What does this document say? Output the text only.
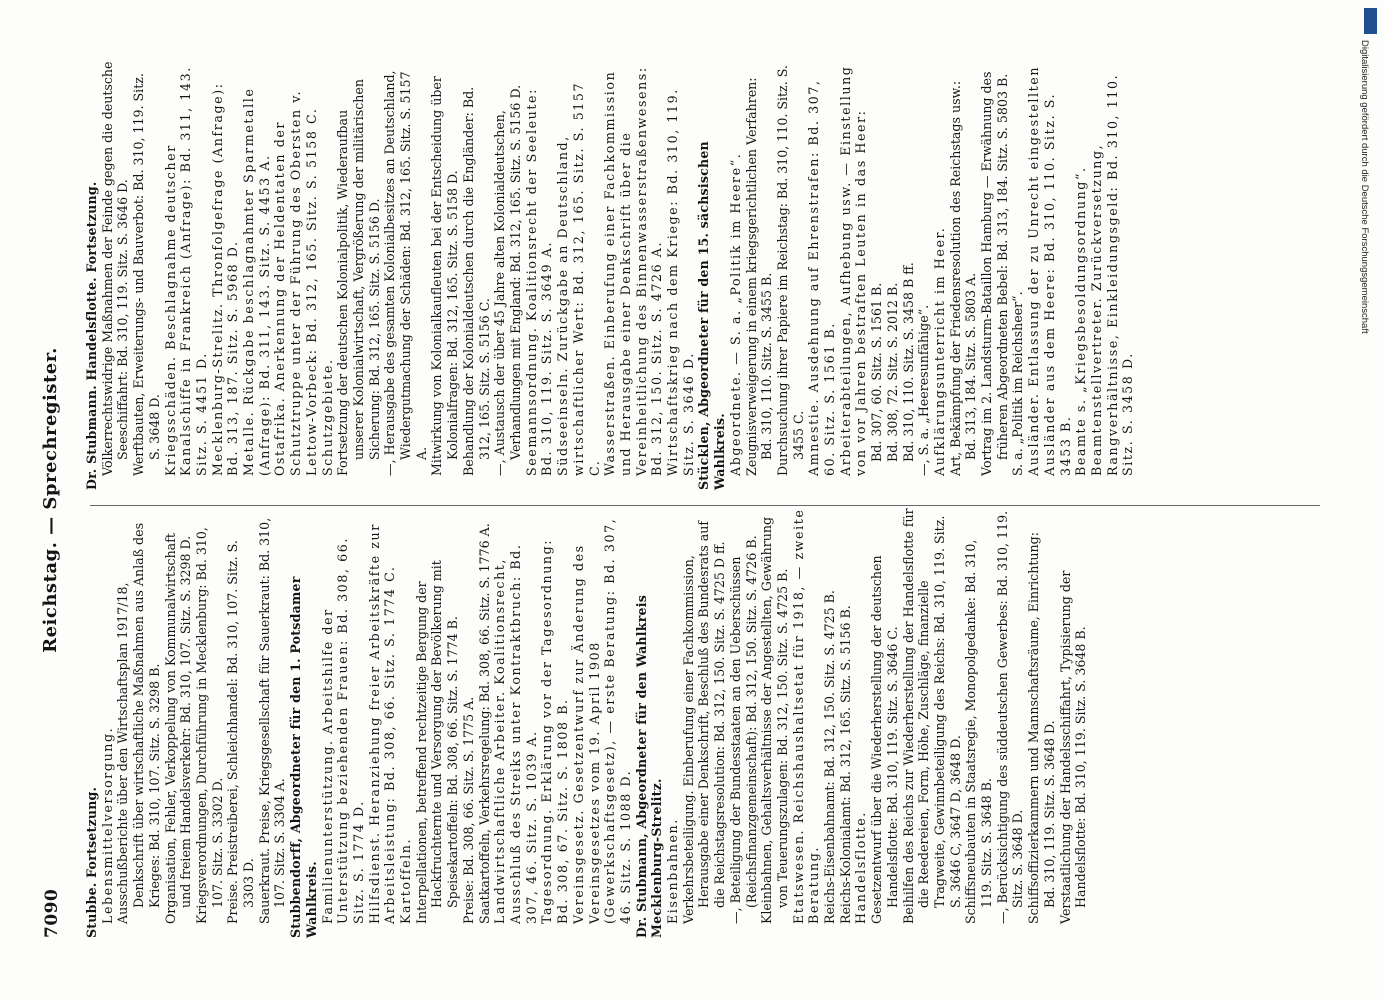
7090
Reichstag. — Sprechregister.
Stubbe. Fortsetzung. Lebensmittelversorgung. Ausschußberichte über den Wirtschaftsplan 1917/18, Denkschrift über wirtschaftliche Maßnahmen aus Anlaß des Krieges: Bd. 310, 107. Sitz. S. 3298 B. Organisation, Fehler, Verkoppelung von Kommunalwirtschaft und freiem Handelsverkehr: Bd. 310, 107. Sitz. S. 3298 D. Kriegsverordnungen, Durchführung in Mecklenburg: Bd. 310, 107. Sitz. S. 3302 D. Preise. Preistreiberei, Schleichhandel: Bd. 310, 107. Sitz. S. 3303 D. Sauerkraut. Preise, Kriegsgesellschaft für Sauerkraut: Bd. 310, 107. Sitz. S. 3304 A. Stubbendorff, Abgeordneter für den 1. Potsdamer Wahlkreis. Familienunterstützung. Arbeitshilfe der Unterstützung beziehenden Frauen: Bd. 308, 66. Sitz. S. 1774 D. Hilfsdienst. Heranziehung freier Arbeitskräfte zur Arbeitsleistung: Bd. 308, 66. Sitz. S. 1774 C. Kartoffeln. Interpellationen, betreffend rechtzeitige Bergung der Hackfruchternte und Versorgung der Bevölkerung mit Speisekartoffeln: Bd. 308, 66. Sitz. S. 1774 B. Preise: Bd. 308, 66. Sitz. S. 1775 A. Saatkartoffeln, Verkehrsregelung: Bd. 308, 66. Sitz. S. 1776 A. Landwirtschaftliche Arbeiter. Koalitionsrecht, Ausschluß des Streiks unter Kontraktbruch: Bd. 307, 46. Sitz. S. 1039 A. Tagesordnung. Erklärung vor der Tagesordnung: Bd. 308, 67. Sitz. S. 1808 B. Vereinsgesetz. Gesetzentwurf zur Änderung des Vereinsgesetzes vom 19. April 1908 (Gewerkschaftsgesetz), — erste Beratung: Bd. 307, 46. Sitz. S. 1088 D. Dr. Stubmann, Abgeordneter für den Wahlkreis Mecklenburg-Strelitz. Eisenbahnen. Verkehrsbeteiligung. Einberufung einer Fachkommission, Herausgabe einer Denkschrift, Beschluß des Bundesrats auf die Reichstagsresolution: Bd. 312, 150. Sitz. S. 4725 D ff. —, Beteiligung der Bundesstaaten an den Ueberschüssen (Reichsfinanzgemeinschaft): Bd. 312, 150. Sitz. S. 4726 B. Kleinbahnen, Gehaltsverhältnisse der Angestellten, Gewährung von Teuerungszulagen: Bd. 312, 150. Sitz. S. 4725 B. Etatswesen. Reichshaushaltsetat für 1918, — zweite Beratung. Reichs-Eisenbahnamt: Bd. 312, 150. Sitz. S. 4725 B. Reichs-Kolonialamt: Bd. 312, 165. Sitz. S. 5156 B. Handelsflotte. Gesetzentwurf über die Wiederherstellung der deutschen Handelsflotte: Bd. 310, 119. Sitz. S. 3646 C. Beihilfen des Reichs zur Wiederherstellung der Handelsflotte für die Reedereien, Form, Höhe, Zuschläge, finanzielle Tragweite, Gewinnbeteiligung des Reichs: Bd. 310, 119. Sitz. S. 3646 C, 3647 D, 3648 D. Schiffsneubauten in Staatsregie, Monopolgedanke: Bd. 310, 119. Sitz. S. 3648 B. —, Berücksichtigung des süddeutschen Gewerbes: Bd. 310, 119. Sitz. S. 3648 D. Schiffsoffizierkammern und Mannschaftsräume, Einrichtung: Bd. 310, 119. Sitz. S. 3648 D. Verstaatlichung der Handelsschiffahrt, Typisierung der Handelsflotte: Bd. 310, 119. Sitz. S. 3648 B.
Dr. Stubmann. Handelsflotte. Fortsetzung. Völkerrechtswidrige Maßnahmen der Feinde gegen die deutsche Seeschiffahrt: Bd. 310, 119. Sitz. S. 3646 D. Werftbauten, Erweiterungs- und Bauverbot: Bd. 310, 119. Sitz. S. 3648 D. Kriegsschäden. Beschlagnahme deutscher Kanalschiffe in Frankreich (Anfrage): Bd. 311, 143. Sitz. S. 4451 D. Mecklenburg-Strelitz. Thronfolgefrage (Anfrage): Bd. 313, 187. Sitz. S. 5968 D. Metalle. Rückgabe beschlagnahmter Sparmetalle (Anfrage): Bd. 311, 143. Sitz. S. 4453 A. Ostafrika. Anerkennung der Heldentaten der Schutztruppe unter der Führung des Obersten v. Lettow-Vorbeck: Bd. 312, 165. Sitz. S. 5158 C. Schutzgebiete. Fortsetzung der deutschen Kolonialpolitik, Wiederaufbau unserer Kolonialwirtschaft, Vergrößerung der militärischen Sicherung: Bd. 312, 165. Sitz. S. 5156 D. —, Herausgabe des gesamten Kolonialbesitzes an Deutschland, Wiedergutmachung der Schäden: Bd. 312, 165. Sitz. S. 5157 A. Mitwirkung von Kolonialkaufleuten bei der Entscheidung über Kolonialfragen: Bd. 312, 165. Sitz. S. 5158 D. Behandlung der Kolonialdeutschen durch die Engländer: Bd. 312, 165. Sitz. S. 5156 C. —, Austausch der über 45 Jahre alten Kolonialdeutschen, Verhandlungen mit England: Bd. 312, 165. Sitz. S. 5156 D. Seemannsordnung. Koalitionsrecht der Seeleute: Bd. 310, 119. Sitz. S. 3649 A. Südseeinseln. Zurückgabe an Deutschland, wirtschaftlicher Wert: Bd. 312, 165. Sitz. S. 5157 C. Wasserstraßen. Einberufung einer Fachkommission und Herausgabe einer Denkschrift über die Vereinheitlichung des Binnenwasserstraßenwesens: Bd. 312, 150. Sitz. S. 4726 A. Wirtschaftskrieg nach dem Kriege: Bd. 310, 119. Sitz. S. 3646 D. Stücklen, Abgeordneter für den 15. sächsischen Wahlkreis. Abgeordnete. — S. a. „Politik im Heere“. Zeugnisverweigerung in einem kriegsgerichtlichen Verfahren: Bd. 310, 110. Sitz. S. 3455 B. Durchsuchung ihrer Papiere im Reichstag: Bd. 310, 110. Sitz. S. 3455 C. Amnestie. Ausdehnung auf Ehrenstrafen: Bd. 307, 60. Sitz. S. 1561 B. Arbeiterabteilungen, Aufhebung usw. — Einstellung von vor Jahren bestraften Leuten in das Heer: Bd. 307, 60. Sitz. S. 1561 B. Bd. 308, 72. Sitz. S. 2012 B. Bd. 310, 110. Sitz. S. 3458 B ff. —, S. a. „Heeresunfähige“. Aufklärungsunterricht im Heer. Art, Bekämpfung der Friedensresolution des Reichstags usw.: Bd. 313, 184. Sitz. S. 5803 A. Vortrag im 2. Landsturm-Bataillon Hamburg — Erwähnung des früheren Abgeordneten Bebel: Bd. 313, 184. Sitz. S. 5803 B. S. a. „Politik im Reichsheer“. Ausländer. Entlassung der zu Unrecht eingestellten Ausländer aus dem Heere: Bd. 310, 110. Sitz. S. 3453 B. Beamte s. „Kriegsbesoldungsordnung“. Beamtenstellvertreter. Zurückversetzung, Rangverhältnisse, Einkleidungsgeld: Bd. 310, 110. Sitz. S. 3458 D.
Digitalisierung gefördert durch die Deutsche Forschungsgemeinschaft
